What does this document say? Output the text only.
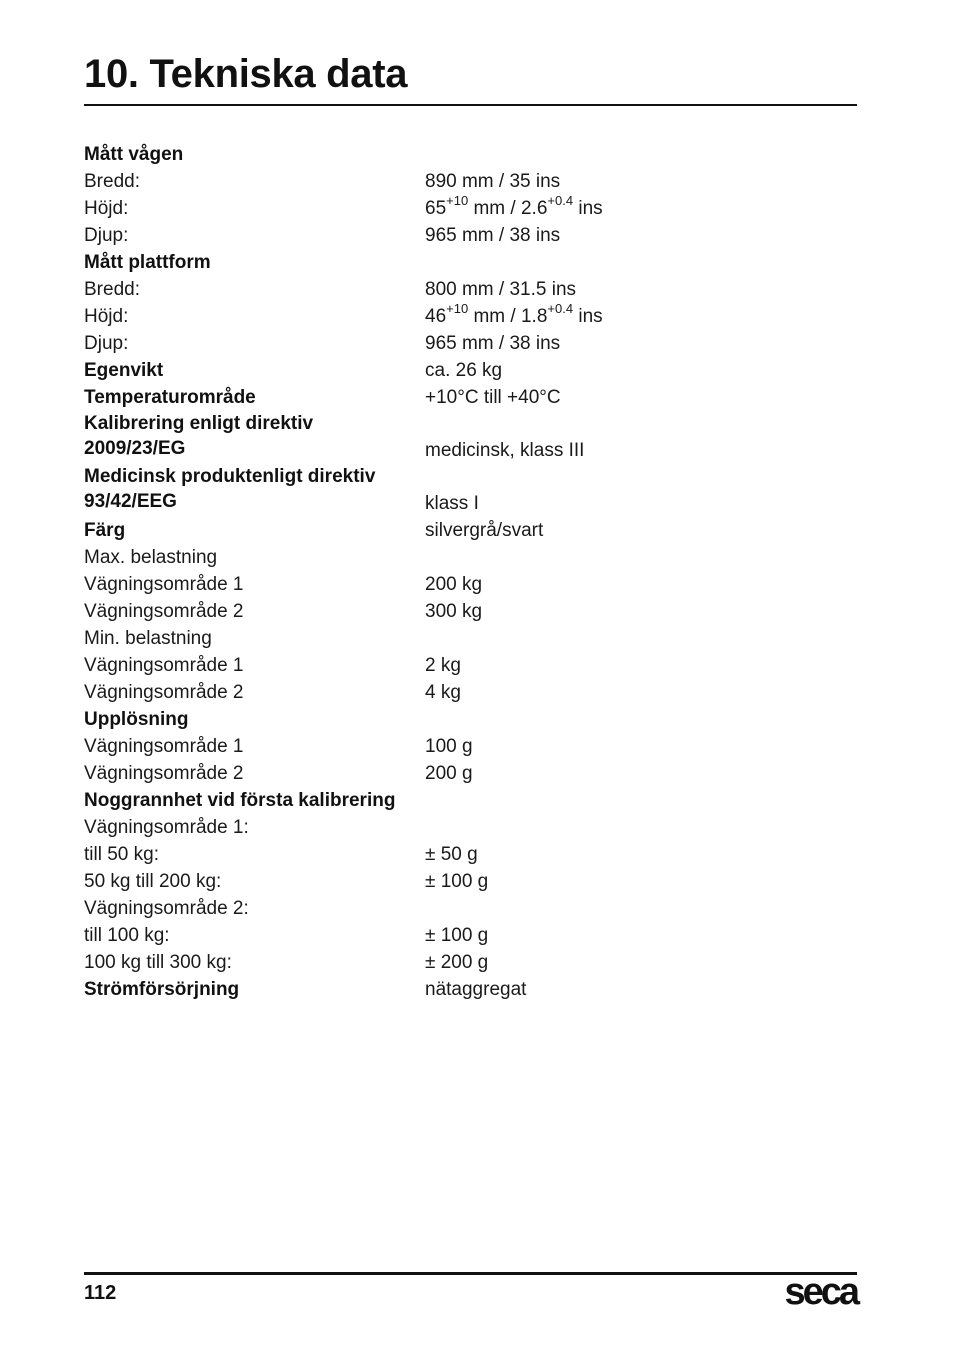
10. Tekniska data
Mått vågen
Bredd:	890 mm / 35 ins
Höjd:	$65^{+10}$ mm / $2.6^{+0.4}$ ins
Djup:	965 mm / 38 ins
Mått plattform
Bredd:	800 mm / 31.5 ins
Höjd:	$46^{+10}$ mm / $1.8^{+0.4}$ ins
Djup:	965 mm / 38 ins
Egenvikt	ca. 26 kg
Temperaturområde	+10°C till +40°C
Kalibrering enligt direktiv 2009/23/EG	medicinsk, klass III
Medicinsk produktenligt direktiv 93/42/EEG	klass I
Färg	silvergrå/svart
Max. belastning
Vägningsområde 1	200 kg
Vägningsområde 2	300 kg
Min. belastning
Vägningsområde 1	2 kg
Vägningsområde 2	4 kg
Upplösning
Vägningsområde 1	100 g
Vägningsområde 2	200 g
Noggrannhet vid första kalibrering
Vägningsområde 1:
till 50 kg:	± 50 g
50 kg till 200 kg:	± 100 g
Vägningsområde 2:
till 100 kg:	± 100 g
100 kg till 300 kg:	± 200 g
Strömförsörjning	nätaggregat
112	seca
